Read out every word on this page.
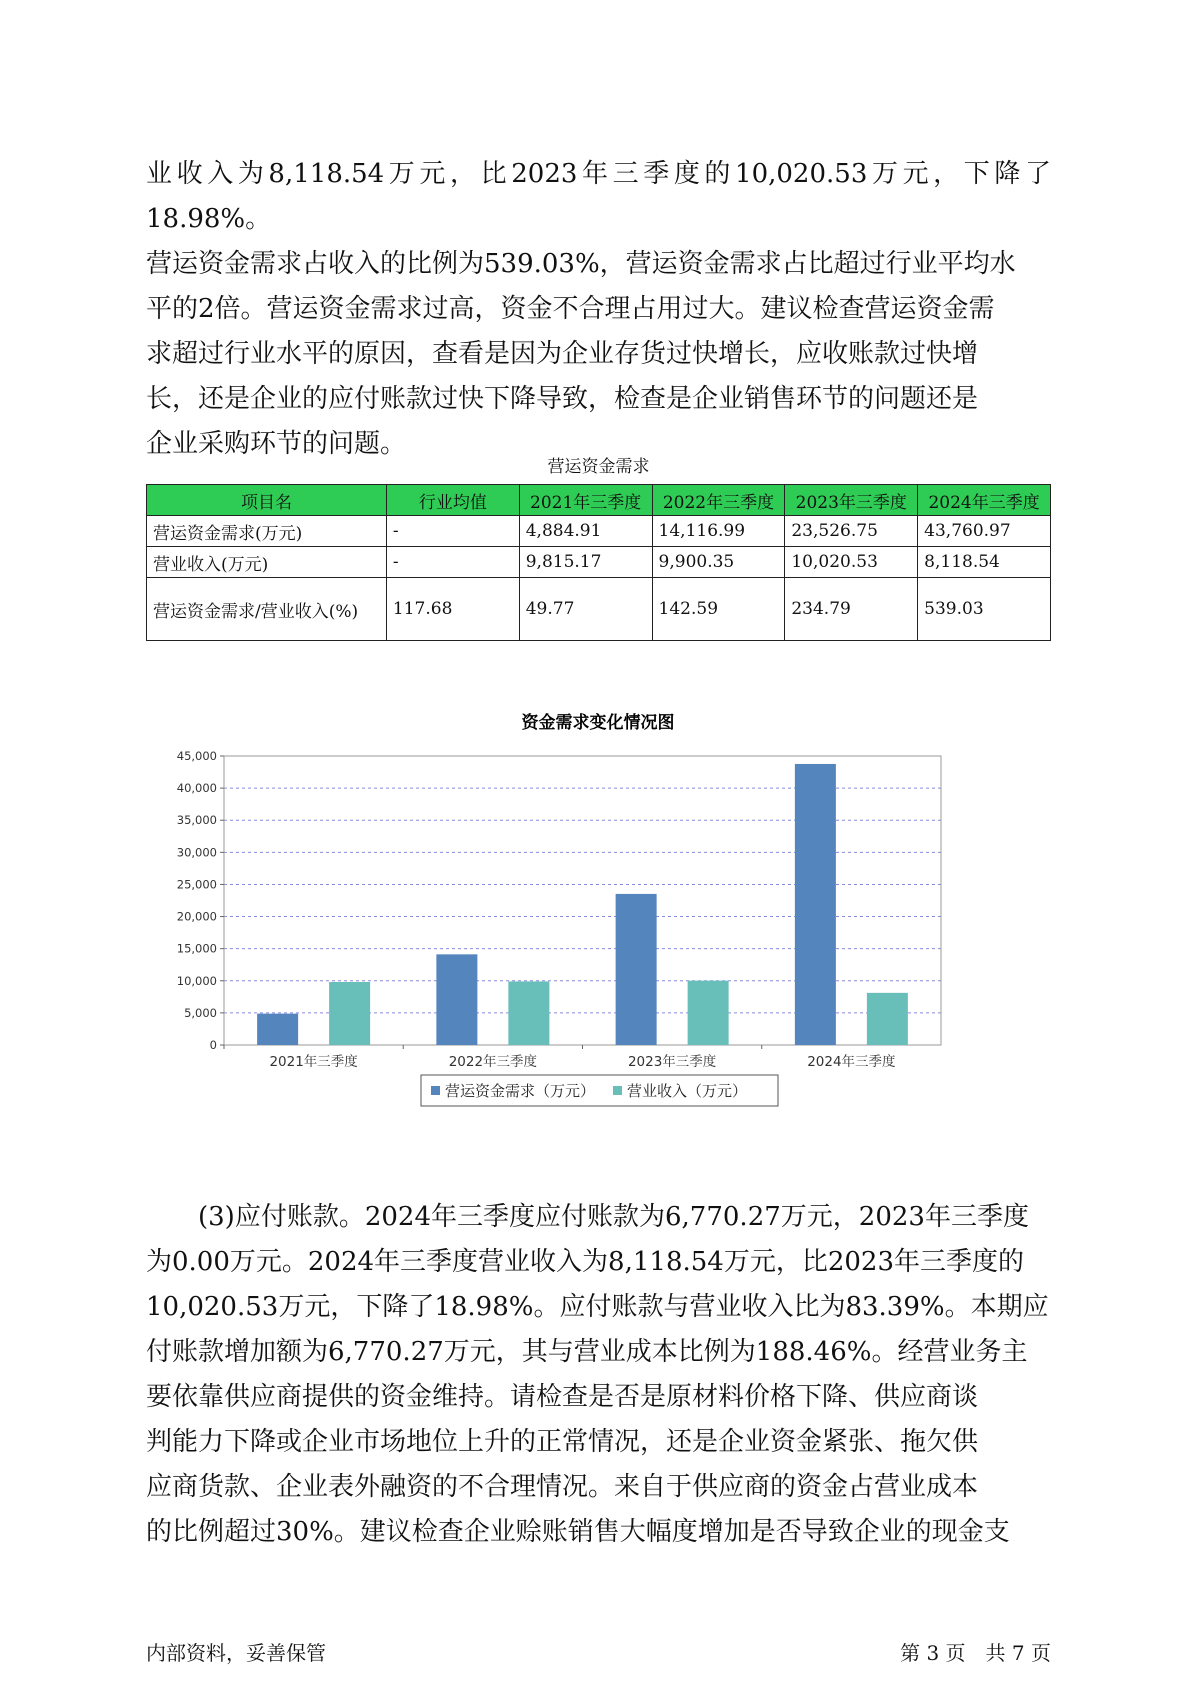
业收入为8,118.54万元，比2023年三季度的10,020.53万元，下降了18.98%。

营运资金需求占收入的比例为539.03%，营运资金需求占比超过行业平均水

平的2倍。营运资金需求过高，资金不合理占用过大。建议检查营运资金需

求超过行业水平的原因，查看是因为企业存货过快增长，应收账款过快增

长，还是企业的应付账款过快下降导致，检查是企业销售环节的问题还是

企业采购环节的问题。

营运资金需求
项目名	行业均值	2021年三季度	2022年三季度	2023年三季度	2024年三季度
营运资金需求(万元)	-	4,884.91	14,116.99	23,526.75	43,760.97
营业收入(万元)	-	9,815.17	9,900.35	10,020.53	8,118.54
营运资金需求/营业收入(%)	117.68	49.77	142.59	234.79	539.03
资金需求变化情况图
0
5,000
10,000
15,000
20,000
25,000
30,000
35,000
40,000
45,000
2021年三季度	2022年三季度	2023年三季度	2024年三季度
营运资金需求（万元） 营业收入（万元）

(3)应付账款。2024年三季度应付账款为6,770.27万元，2023年三季度

为0.00万元。2024年三季度营业收入为8,118.54万元，比2023年三季度的

10,020.53万元，下降了18.98%。应付账款与营业收入比为83.39%。本期应

付账款增加额为6,770.27万元，其与营业成本比例为188.46%。经营业务主

要依靠供应商提供的资金维持。请检查是否是原材料价格下降、供应商谈

判能力下降或企业市场地位上升的正常情况，还是企业资金紧张、拖欠供

应商货款、企业表外融资的不合理情况。来自于供应商的资金占营业成本

的比例超过30%。建议检查企业赊账销售大幅度增加是否导致企业的现金支

内部资料，妥善保管	第 3 页　共 7 页
